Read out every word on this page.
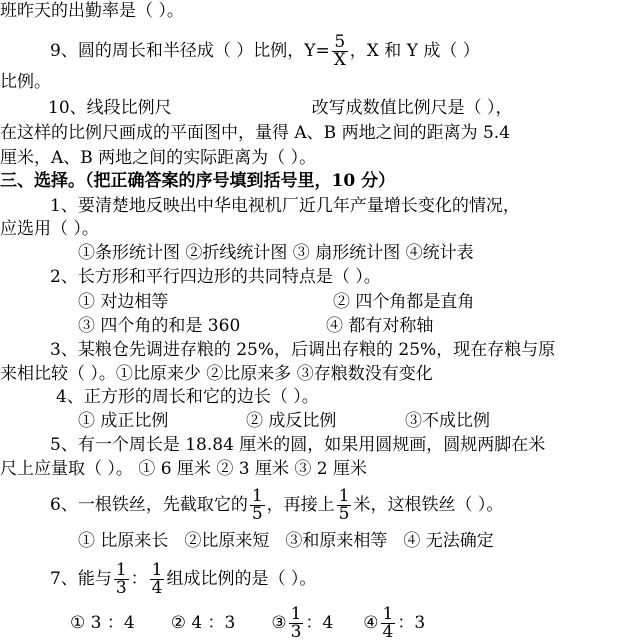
班昨天的出勤率是（ ）。
9、圆的周长和半径成（ ）比例，$Y= \frac{5}{X}$ ，X 和 Y 成（ ）
比例。
10、线段比例尺	改写成数值比例尺是（ ），
在这样的比例尺画成的平面图中，量得 A、B 两地之间的距离为 5.4
厘米，A、B 两地之间的实际距离为（ ）。
三、选择。（把正确答案的序号填到括号里，10 分）
1、要清楚地反映出中华电视机厂近几年产量增长变化的情况，
应选用（ ）。
①条形统计图 ②折线统计图 ③ 扇形统计图 ④统计表
2、长方形和平行四边形的共同特点是（ ）。
① 对边相等	② 四个角都是直角
③ 四个角的和是 360	④ 都有对称轴
3、某粮仓先调进存粮的 25%，后调出存粮的 25%，现在存粮与原
来相比较（ ）。①比原来少 ②比原来多 ③存粮数没有变化
4、正方形的周长和它的边长（ ）。
① 成正比例	② 成反比例	③不成比例
5、有一个周长是 18.84 厘米的圆，如果用圆规画，圆规两脚在米
尺上应量取（ ）。 ① 6 厘米 ② 3 厘米 ③ 2 厘米
6、一根铁丝，先截取它的 $\frac{1}{5}$ ，再接上 $\frac{1}{5}$ 米，这根铁丝（ ）。
① 比原来长 ②比原来短 ③和原来相等 ④ 无法确定
7、能与 $\frac{1}{3}$ ： $\frac{1}{4}$ 组成比例的是（ ）。
① 3 ：4 ② 4 ：3 ③ $\frac{1}{3}$ ：4 ④ $\frac{1}{4}$ ：3
